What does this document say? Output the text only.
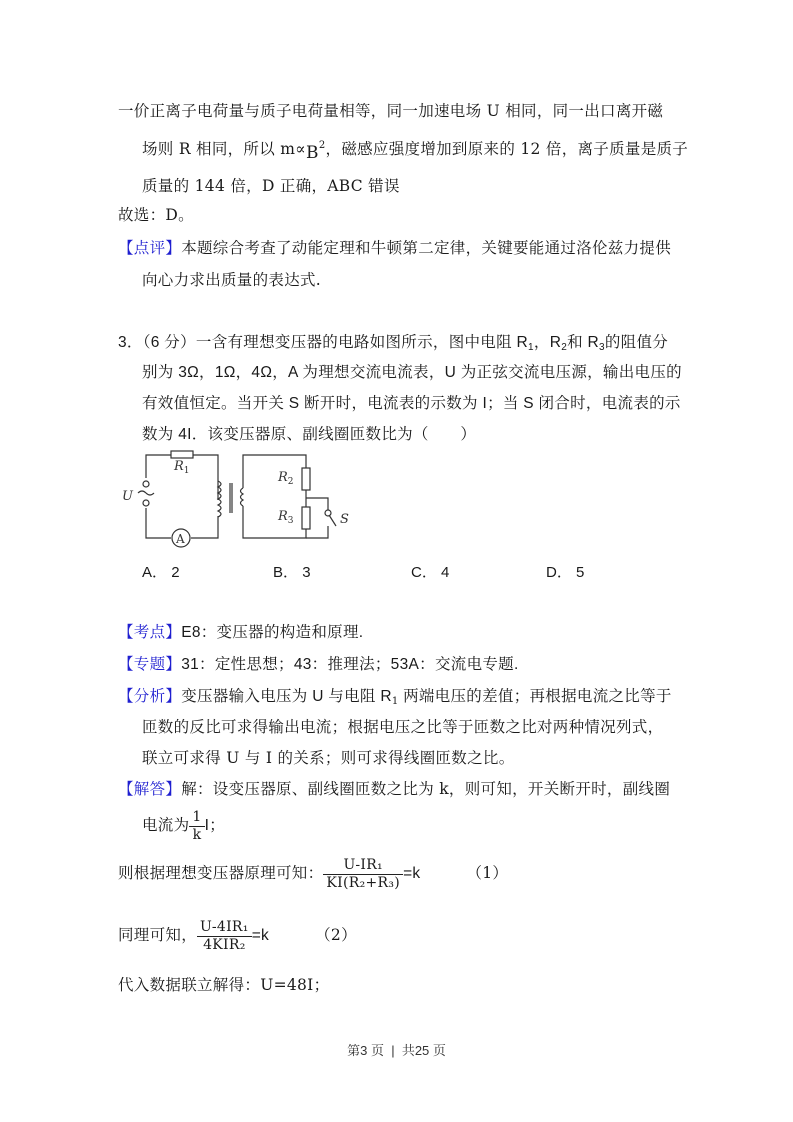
一价正离子电荷量与质子电荷量相等，同一加速电场 U 相同，同一出口离开磁
场则 R 相同，所以 $m\propto B^2$，磁感应强度增加到原来的 12 倍，离子质量是质子
质量的 144 倍，D 正确，ABC 错误
故选：D。
【点评】本题综合考查了动能定理和牛顿第二定律，关键要能通过洛伦兹力提供
向心力求出质量的表达式.
3．（6 分）一含有理想变压器的电路如图所示，图中电阻 $R_1$，$R_2$和 $R_3$的阻值分
别为 3Ω，1Ω，4Ω，A 为理想交流电流表，U 为正弦交流电压源，输出电压的
有效值恒定。当开关 S 断开时，电流表的示数为 I；当 S 闭合时，电流表的示
数为 4I．该变压器原、副线圈匝数比为（　　）
$R_1$	$R_2$
$R_3$
U
S
A
A． 2	B． 3	C． 4	D． 5
【考点】E8：变压器的构造和原理.
【专题】31：定性思想；43：推理法；53A：交流电专题.
【分析】变压器输入电压为 U 与电阻 $R_1$ 两端电压的差值；再根据电流之比等于
匝数的反比可求得输出电流；根据电压之比等于匝数之比对两种情况列式，
联立可求得 U 与 I 的关系；则可求得线圈匝数之比。
【解答】解：设变压器原、副线圈匝数之比为 k，则可知，开关断开时，副线圈
电流为 $\frac{1}{k}$ I；
则根据理想变压器原理可知： $\frac{\text{U-IR₁}}{\text{KI(R₂+R₃)}} =k$	（1）
同理可知， $\frac{\text{U-4IR₁}}{\text{4KIR₂}} =k$	（2）
代入数据联立解得：U=48I；
第3 页 | 共25 页
